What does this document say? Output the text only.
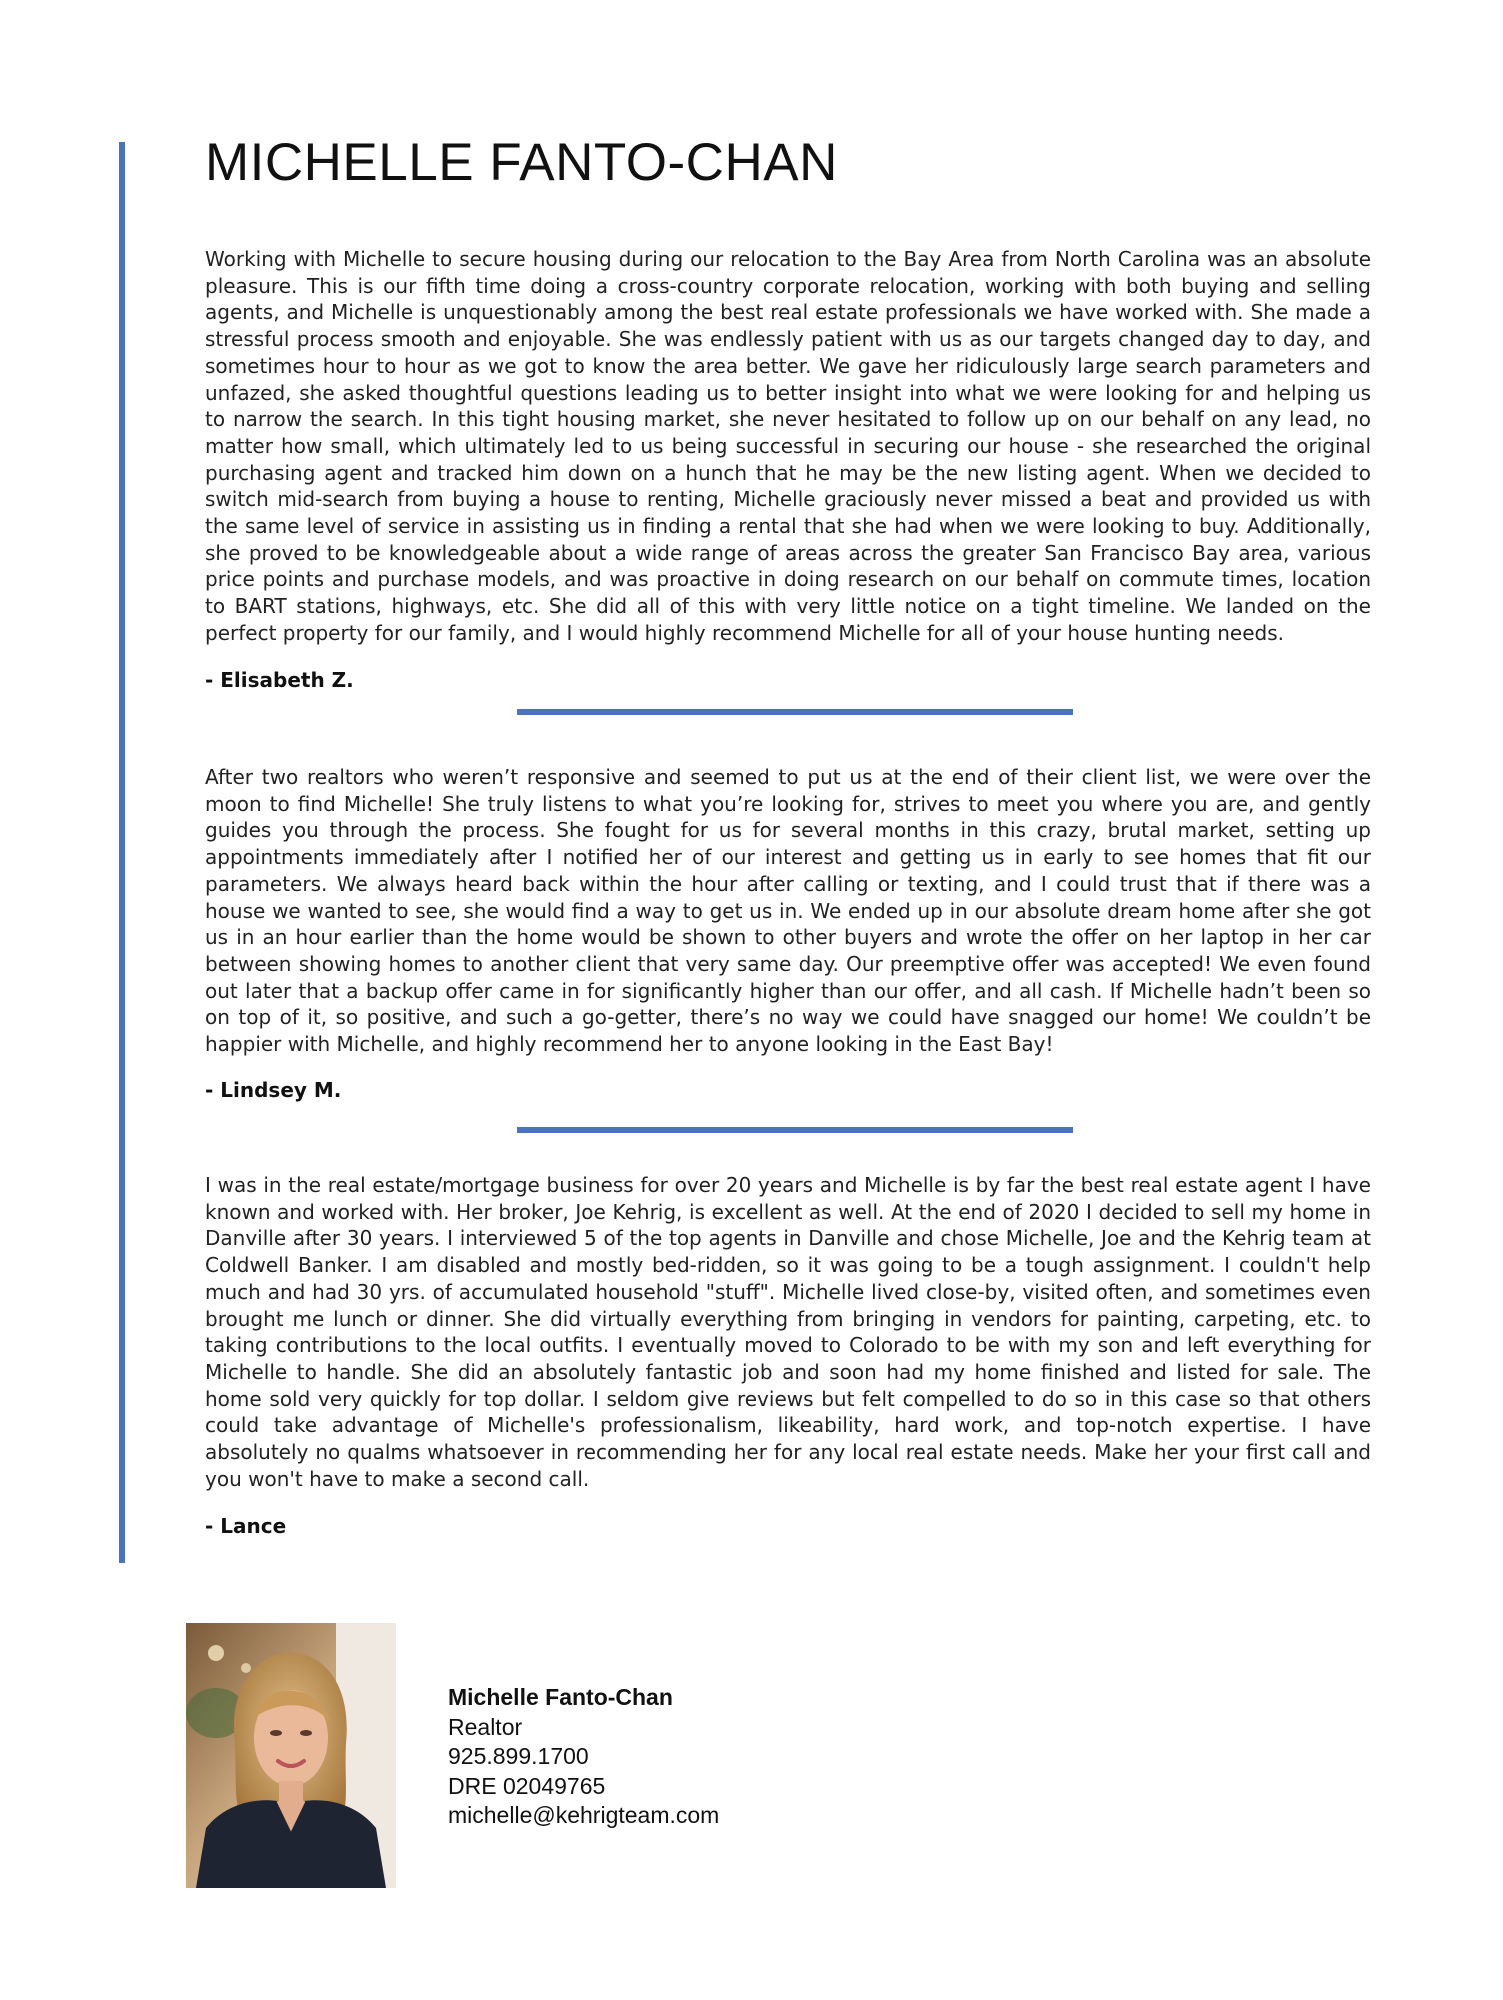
MICHELLE FANTO-CHAN

Working with Michelle to secure housing during our relocation to the Bay Area from North Carolina was an absolute pleasure. This is our fifth time doing a cross-country corporate relocation, working with both buying and selling agents, and Michelle is unquestionably among the best real estate professionals we have worked with. She made a stressful process smooth and enjoyable. She was endlessly patient with us as our targets changed day to day, and sometimes hour to hour as we got to know the area better. We gave her ridiculously large search parameters and unfazed, she asked thoughtful questions leading us to better insight into what we were looking for and helping us to narrow the search. In this tight housing market, she never hesitated to follow up on our behalf on any lead, no matter how small, which ultimately led to us being successful in securing our house - she researched the original purchasing agent and tracked him down on a hunch that he may be the new listing agent. When we decided to switch mid-search from buying a house to renting, Michelle graciously never missed a beat and provided us with the same level of service in assisting us in finding a rental that she had when we were looking to buy. Additionally, she proved to be knowledgeable about a wide range of areas across the greater San Francisco Bay area, various price points and purchase models, and was proactive in doing research on our behalf on commute times, location to BART stations, highways, etc. She did all of this with very little notice on a tight timeline. We landed on the perfect property for our family, and I would highly recommend Michelle for all of your house hunting needs.

- Elisabeth Z.

After two realtors who weren’t responsive and seemed to put us at the end of their client list, we were over the moon to find Michelle! She truly listens to what you’re looking for, strives to meet you where you are, and gently guides you through the process. She fought for us for several months in this crazy, brutal market, setting up appointments immediately after I notified her of our interest and getting us in early to see homes that fit our parameters. We always heard back within the hour after calling or texting, and I could trust that if there was a house we wanted to see, she would find a way to get us in. We ended up in our absolute dream home after she got us in an hour earlier than the home would be shown to other buyers and wrote the offer on her laptop in her car between showing homes to another client that very same day. Our preemptive offer was accepted! We even found out later that a backup offer came in for significantly higher than our offer, and all cash. If Michelle hadn’t been so on top of it, so positive, and such a go-getter, there’s no way we could have snagged our home! We couldn’t be happier with Michelle, and highly recommend her to anyone looking in the East Bay!

- Lindsey M.

I was in the real estate/mortgage business for over 20 years and Michelle is by far the best real estate agent I have known and worked with. Her broker, Joe Kehrig, is excellent as well. At the end of 2020 I decided to sell my home in Danville after 30 years. I interviewed 5 of the top agents in Danville and chose Michelle, Joe and the Kehrig team at Coldwell Banker. I am disabled and mostly bed-ridden, so it was going to be a tough assignment. I couldn't help much and had 30 yrs. of accumulated household "stuff". Michelle lived close-by, visited often, and sometimes even brought me lunch or dinner. She did virtually everything from bringing in vendors for painting, carpeting, etc. to taking contributions to the local outfits. I eventually moved to Colorado to be with my son and left everything for Michelle to handle. She did an absolutely fantastic job and soon had my home finished and listed for sale. The home sold very quickly for top dollar. I seldom give reviews but felt compelled to do so in this case so that others could take advantage of Michelle's professionalism, likeability, hard work, and top-notch expertise. I have absolutely no qualms whatsoever in recommending her for any local real estate needs. Make her your first call and you won't have to make a second call.

- Lance

Michelle Fanto-Chan
Realtor
925.899.1700
DRE 02049765
michelle@kehrigteam.com
